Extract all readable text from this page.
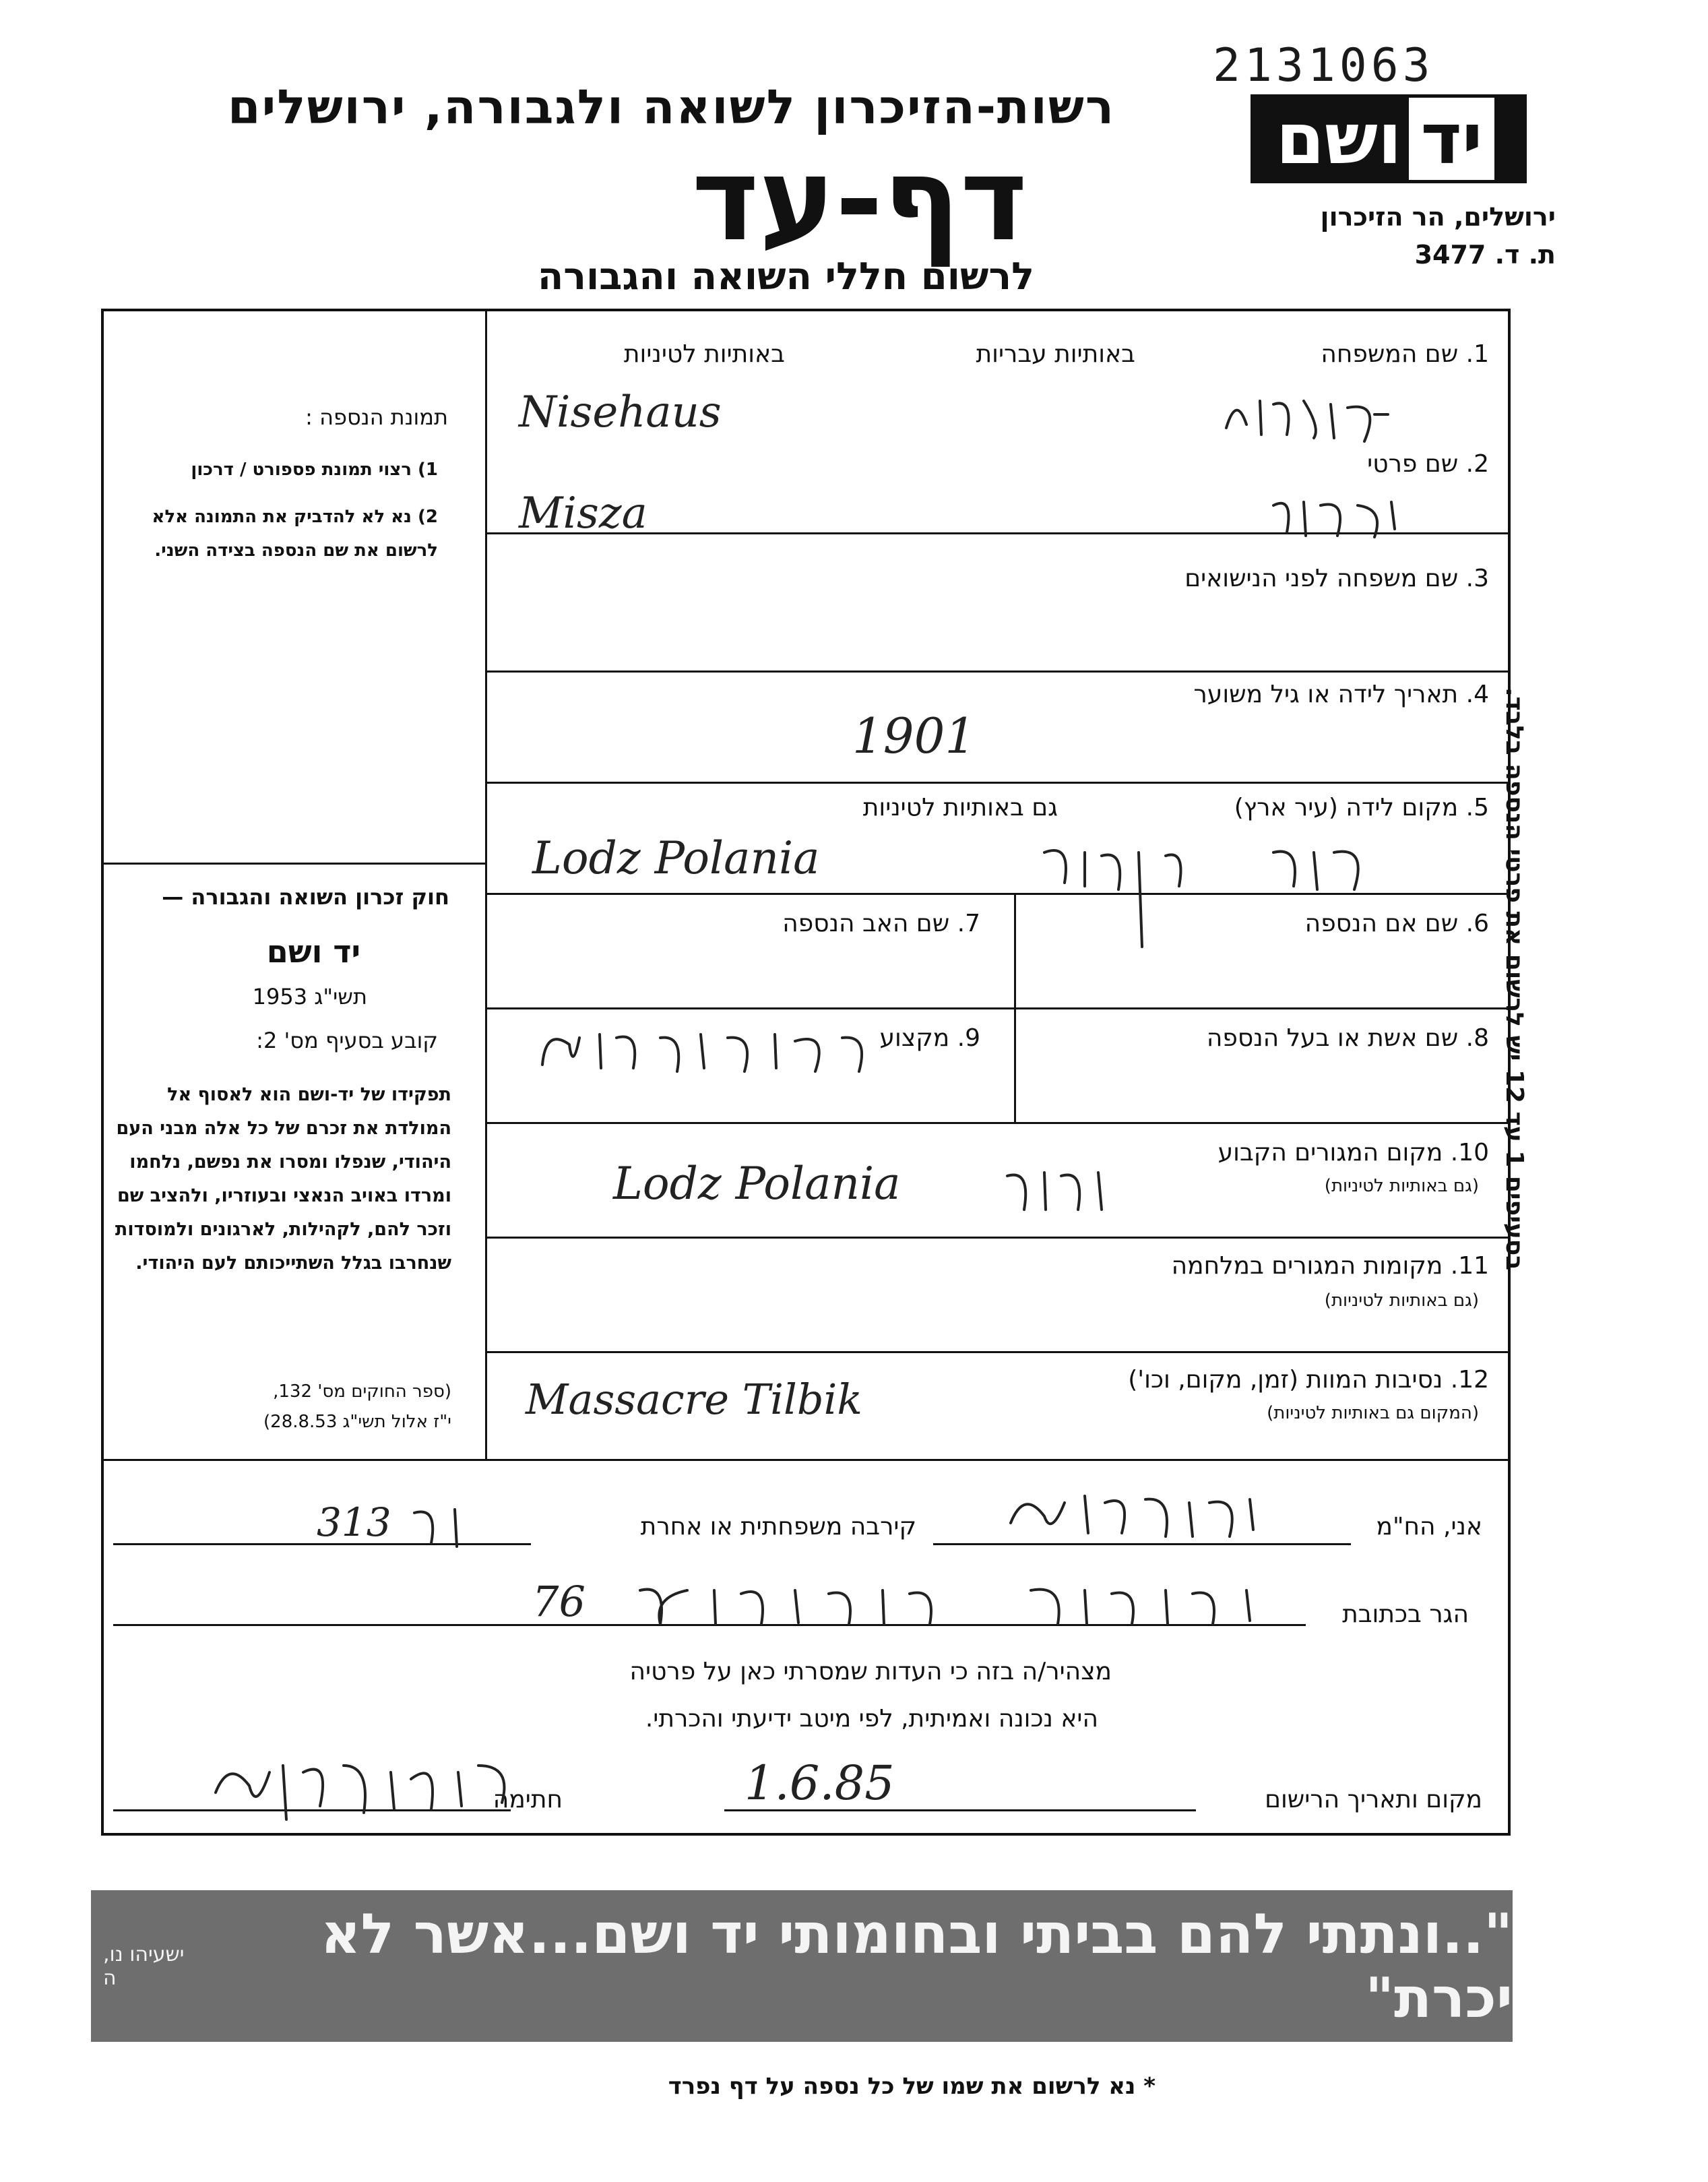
2131063
ושם יד
ירושלים, הר הזיכרון
ת. ד. 3477
רשות-הזיכרון לשואה ולגבורה, ירושלים
דף-עד
לרשום חללי השואה והגבורה
תמונת הנספה :
1) רצוי תמונת פספורט / דרכון
2) נא לא להדביק את התמונה אלא לרשום את שם הנספה בצידה השני.
חוק זכרון השואה והגבורה —
יד ושם
תשי"ג 1953
קובע בסעיף מס' 2:
תפקידו של יד-ושם הוא לאסוף אל המולדת את זכרם של כל אלה מבני העם היהודי, שנפלו ומסרו את נפשם, נלחמו ומרדו באויב הנאצי ובעוזריו, ולהציב שם וזכר להם, לקהילות, לארגונים ולמוסדות שנחרבו בגלל השתייכותם לעם היהודי.
(ספר החוקים מס' 132,
י"ז אלול תשי"ג 28.8.53)
1. שם המשפחה
באותיות עבריות
באותיות לטיניות
Nisehaus
2. שם פרטי
Misza
3. שם משפחה לפני הנישואים
4. תאריך לידה או גיל משוער
1901
5. מקום לידה (עיר ארץ)
גם באותיות לטיניות
Lodz Polania
6. שם אם הנספה
7. שם האב הנספה
8. שם אשת או בעל הנספה
9. מקצוע
10. מקום המגורים הקבוע
(גם באותיות לטיניות)
Lodz Polania
11. מקומות המגורים במלחמה
(גם באותיות לטיניות)
12. נסיבות המוות (זמן, מקום, וכו')
(המקום גם באותיות לטיניות)
Massacre Tilbik
בסעיפים 1 עד 12 יש לרשום את פרטי הנספה בלבד.
אני, הח"מ
קירבה משפחתית או אחרת
313
הגר בכתובת
76
מצהיר/ה בזה כי העדות שמסרתי כאן על פרטיה
היא נכונה ואמיתית, לפי מיטב ידיעתי והכרתי.
מקום ותאריך הרישום
1.6.85
חתימה
ישעיהו נו, ה
"..ונתתי להם בביתי ובחומותי יד ושם...אשר לא יכרת"
* נא לרשום את שמו של כל נספה על דף נפרד
